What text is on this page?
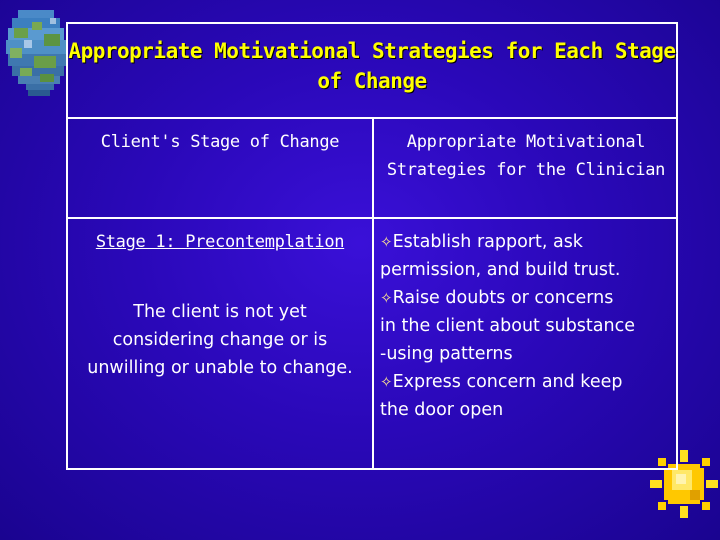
Appropriate Motivational Strategies for Each Stage
of Change
Client's Stage of Change	Appropriate Motivational
Strategies for the Clinician
Stage 1: Precontemplation
The client is not yet
considering change or is
unwilling or unable to change.
✧Establish rapport, ask
permission, and build trust.
✧Raise doubts or concerns
in the client about substance
-using patterns
✧Express concern and keep
the door open
